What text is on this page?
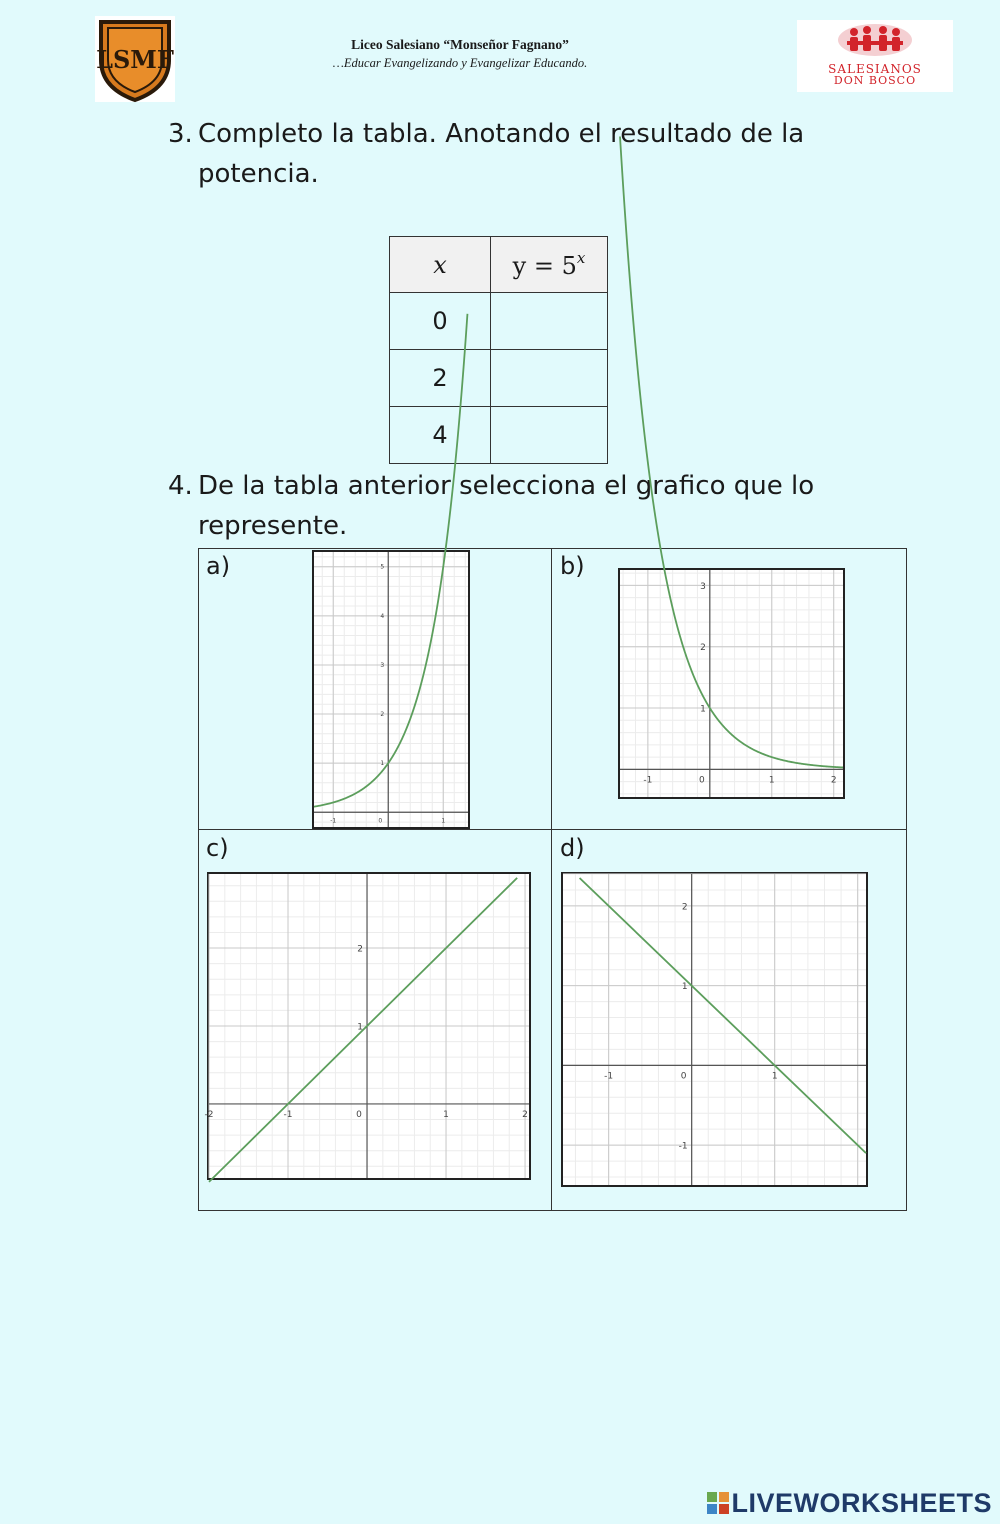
LSMF
Liceo Salesiano “Monseñor Fagnano”
…Educar Evangelizando y Evangelizar Educando.	SALESIANOS
DON BOSCO
3. Completo la tabla. Anotando el resultado de la
potencia.
x	$y = 5^x$
0	
2	
4	
4. De la tabla anterior selecciona el grafico que lo
represente.
a)	b)
c)	d)
-1	0	1
1
2
3
4
5
-1	0	1	2
1
2
3
-2	-1	0	1	2
1
2
-1	0	1
-1
1
2
LIVEWORKSHEETS
